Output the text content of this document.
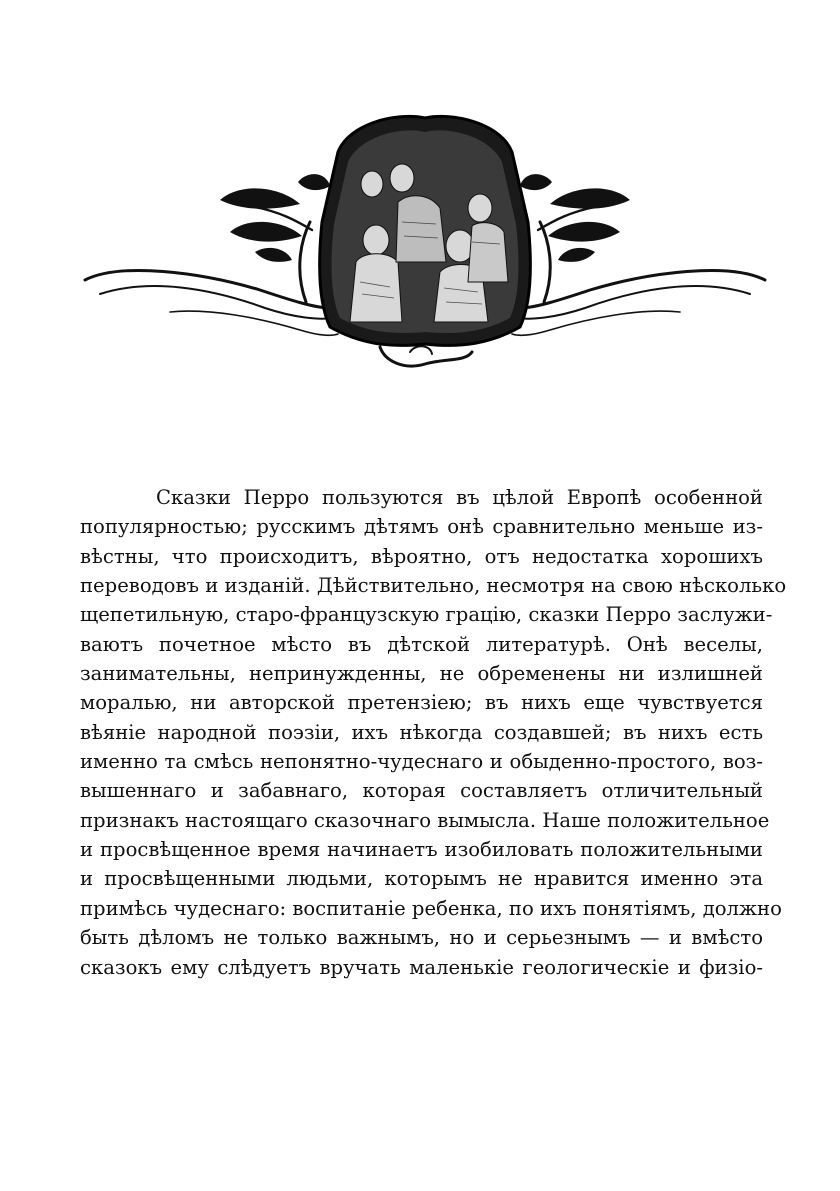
Сказки Перро пользуются въ цѣлой Европѣ особенной
популярностью; русскимъ дѣтямъ онѣ сравнительно меньше из-
вѣстны, что происходитъ, вѣроятно, отъ недостатка хорошихъ
переводовъ и изданій. Дѣйствительно, несмотря на свою нѣсколько
щепетильную, старо-французскую грацію, сказки Перро заслужи-
ваютъ почетное мѣсто въ дѣтской литературѣ. Онѣ веселы,
занимательны, непринужденны, не обременены ни излишней
моралью, ни авторской претензіею; въ нихъ еще чувствуется
вѣяніе народной поэзіи, ихъ нѣкогда создавшей; въ нихъ есть
именно та смѣсь непонятно-чудеснаго и обыденно-простого, воз-
вышеннаго и забавнаго, которая составляетъ отличительный
признакъ настоящаго сказочнаго вымысла. Наше положительное
и просвѣщенное время начинаетъ изобиловать положительными
и просвѣщенными людьми, которымъ не нравится именно эта
примѣсь чудеснаго: воспитаніе ребенка, по ихъ понятіямъ, должно
быть дѣломъ не только важнымъ, но и серьезнымъ — и вмѣсто
сказокъ ему слѣдуетъ вручать маленькіе геологическіе и физіо-
